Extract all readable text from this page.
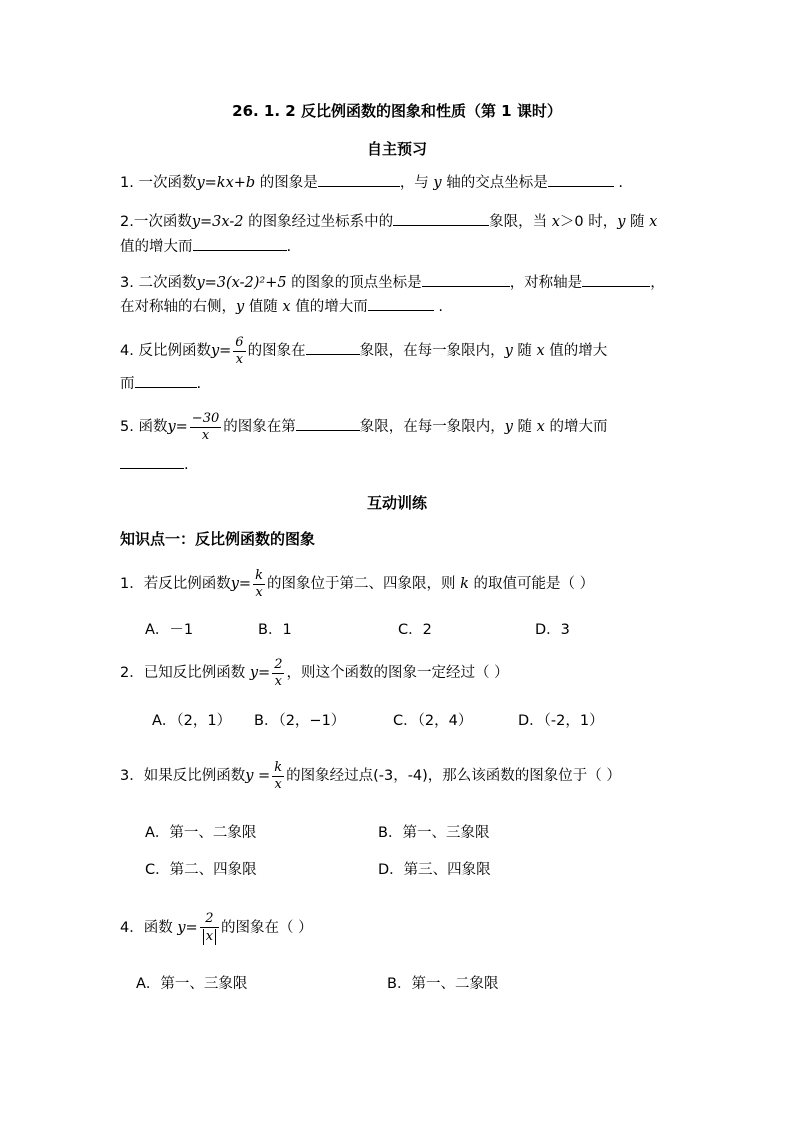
26. 1. 2 反比例函数的图象和性质（第 1 课时）
自主预习
1. 一次函数y=kx+b 的图象是	，与 y 轴的交点坐标是	.
2.一次函数y=3x-2 的图象经过坐标系中的	象限，当 x＞0 时，y 随 x
值的增大而	.
3. 二次函数y=3(x-2)²+5 的图象的顶点坐标是	，对称轴是	，
在对称轴的右侧，y 值随 x 值的增大而	.
4. 反比例函数$y= \frac{6}{x}$ 的图象在	象限，在每一象限内，y 随 x 值的增大
而	.
5. 函数$y= \frac{-30}{x}$ 的图象在第	象限，在每一象限内，y 随 x 的增大而
.
互动训练
知识点一：反比例函数的图象
1．若反比例函数$y= \frac{k}{x}$ 的图象位于第二、四象限，则 k 的取值可能是（ ）
A．－1	B．1	C．2	D．3
2．已知反比例函数 $y= \frac{2}{x}$ ，则这个函数的图象一定经过（ ）
A．（2，1） B．（2，−1）	C．（2，4）	D．（-2，1）
3．如果反比例函数$y = \frac{k}{x}$ 的图象经过点(-3，-4)，那么该函数的图象位于（ ）
A．第一、二象限	B．第一、三象限
C．第二、四象限	D．第三、四象限
4．函数 $y= \frac{2}{x}$ 的图象在（ ）
A．第一、三象限	B．第一、二象限
